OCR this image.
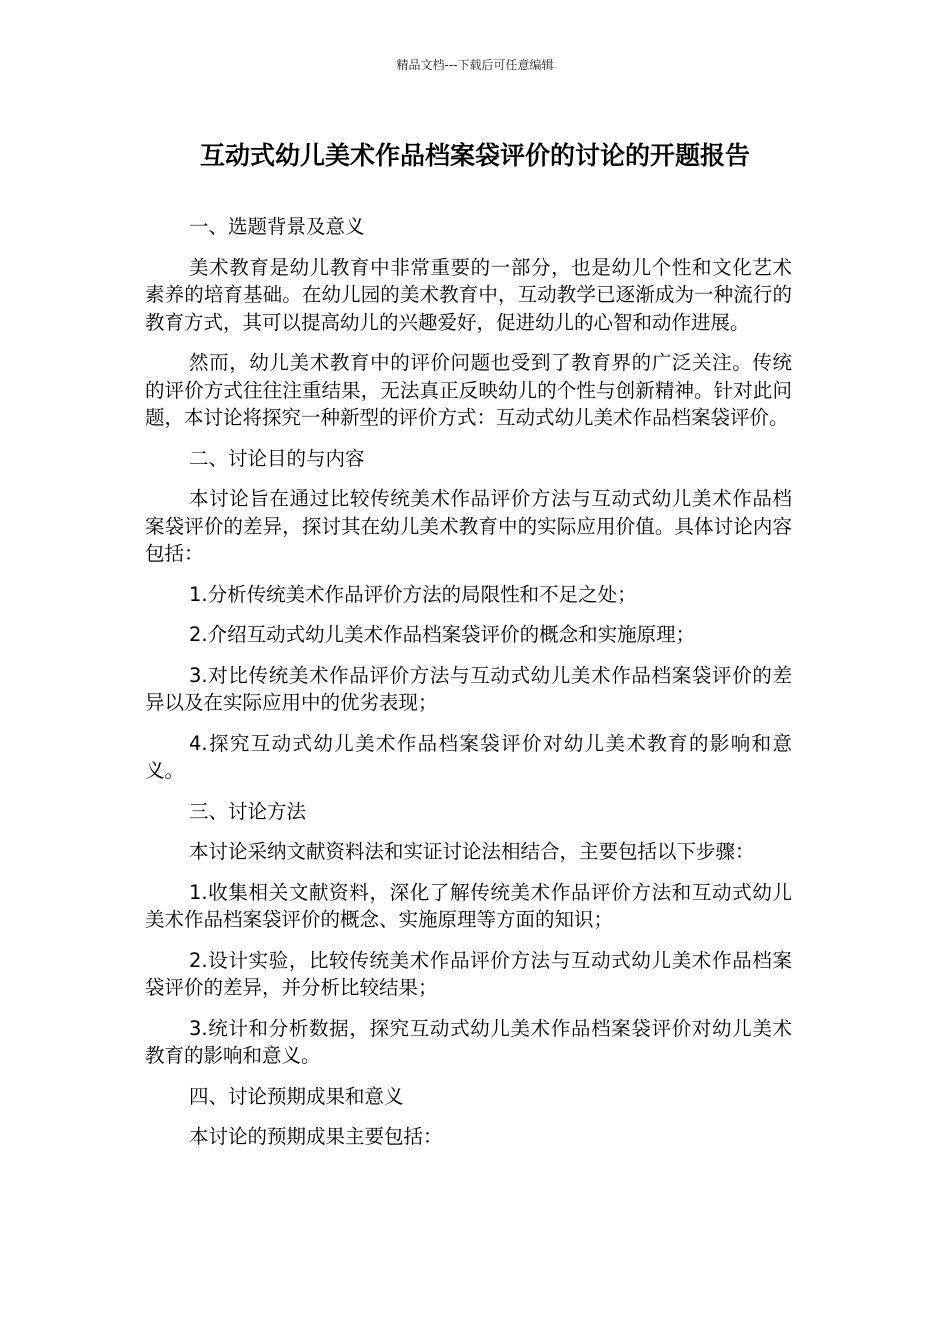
精品文档---下载后可任意编辑
互动式幼儿美术作品档案袋评价的讨论的开题报告

一、选题背景及意义

美术教育是幼儿教育中非常重要的一部分，也是幼儿个性和文化艺术素养的培育基础。在幼儿园的美术教育中，互动教学已逐渐成为一种流行的教育方式，其可以提高幼儿的兴趣爱好，促进幼儿的心智和动作进展。

然而，幼儿美术教育中的评价问题也受到了教育界的广泛关注。传统的评价方式往往注重结果，无法真正反映幼儿的个性与创新精神。针对此问题，本讨论将探究一种新型的评价方式：互动式幼儿美术作品档案袋评价。

二、讨论目的与内容

本讨论旨在通过比较传统美术作品评价方法与互动式幼儿美术作品档案袋评价的差异，探讨其在幼儿美术教育中的实际应用价值。具体讨论内容包括：

1.分析传统美术作品评价方法的局限性和不足之处；

2.介绍互动式幼儿美术作品档案袋评价的概念和实施原理；

3.对比传统美术作品评价方法与互动式幼儿美术作品档案袋评价的差异以及在实际应用中的优劣表现；

4.探究互动式幼儿美术作品档案袋评价对幼儿美术教育的影响和意义。

三、讨论方法

本讨论采纳文献资料法和实证讨论法相结合，主要包括以下步骤：

1.收集相关文献资料，深化了解传统美术作品评价方法和互动式幼儿美术作品档案袋评价的概念、实施原理等方面的知识；

2.设计实验，比较传统美术作品评价方法与互动式幼儿美术作品档案袋评价的差异，并分析比较结果；

3.统计和分析数据，探究互动式幼儿美术作品档案袋评价对幼儿美术教育的影响和意义。

四、讨论预期成果和意义

本讨论的预期成果主要包括：
